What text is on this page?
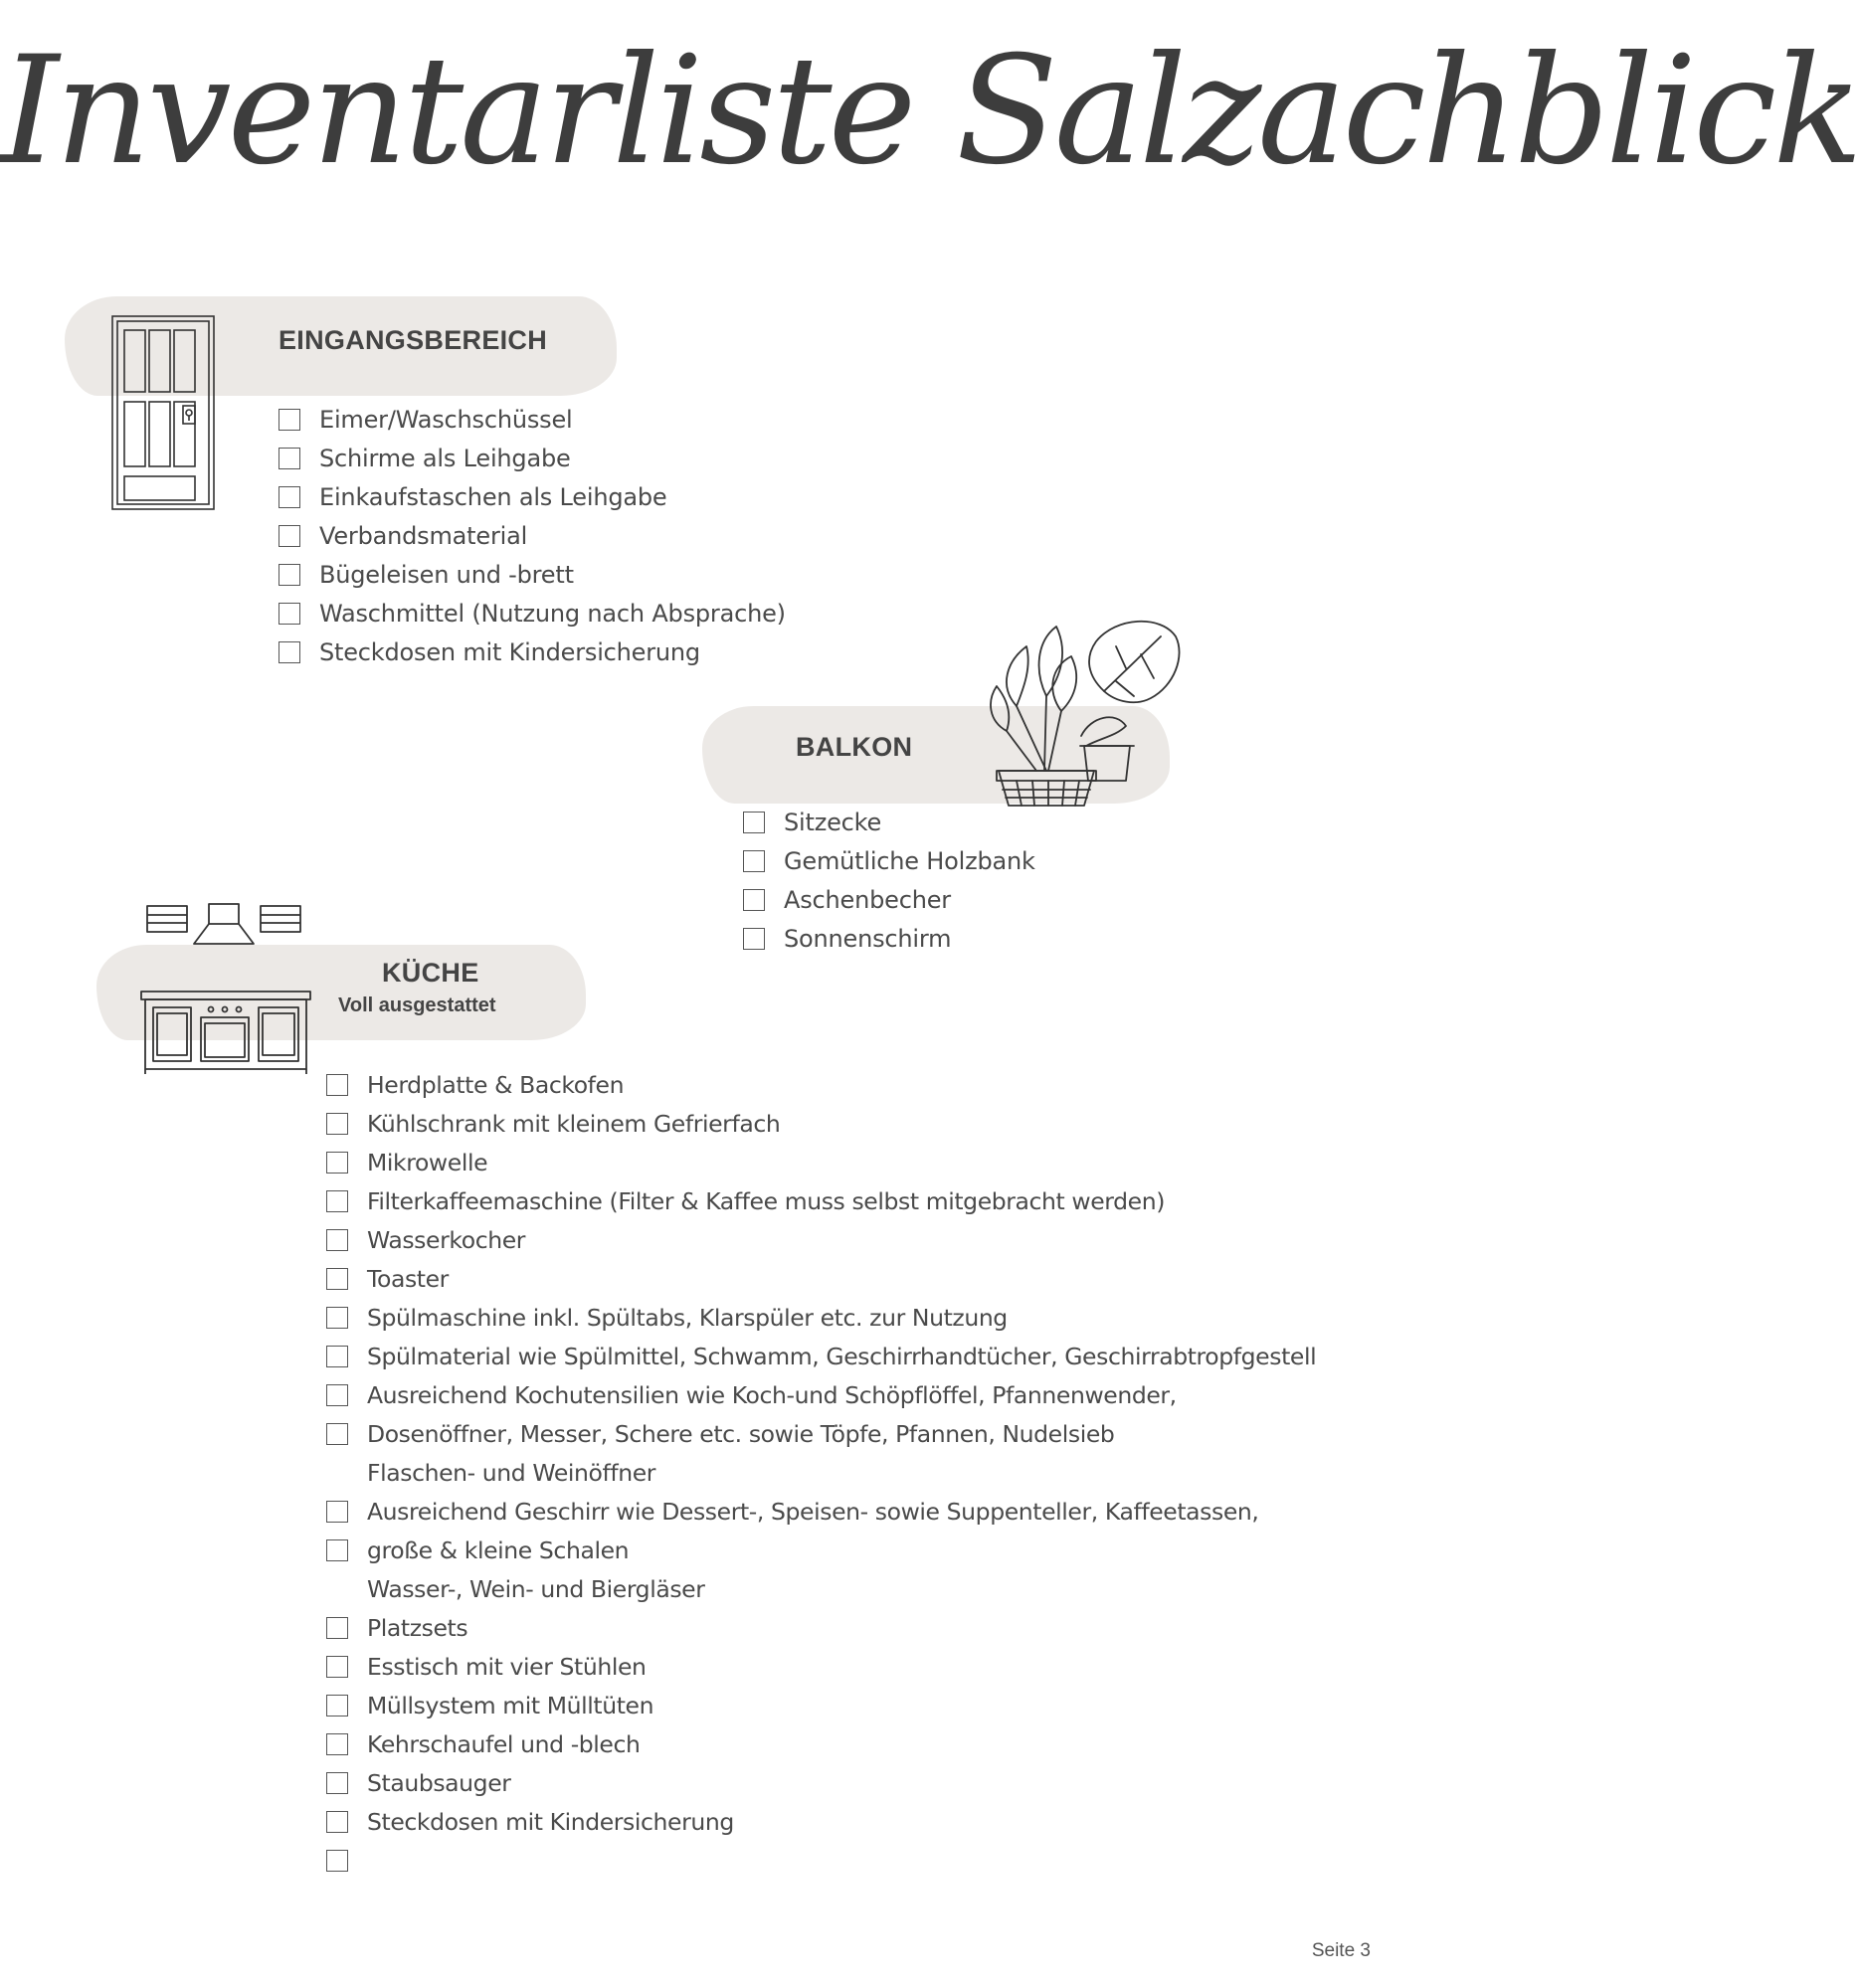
Inventarliste Salzachblick
EINGANGSBEREICH
Eimer/Waschschüssel
Schirme als Leihgabe
Einkaufstaschen als Leihgabe
Verbandsmaterial
Bügeleisen und -brett
Waschmittel (Nutzung nach Absprache)
Steckdosen mit Kindersicherung
BALKON
Sitzecke
Gemütliche Holzbank
Aschenbecher
Sonnenschirm
KÜCHE
Voll ausgestattet
Herdplatte & Backofen
Kühlschrank mit kleinem Gefrierfach
Mikrowelle
Filterkaffeemaschine (Filter & Kaffee muss selbst mitgebracht werden)
Wasserkocher
Toaster
Spülmaschine inkl. Spültabs, Klarspüler etc. zur Nutzung
Spülmaterial wie Spülmittel, Schwamm, Geschirrhandtücher, Geschirrabtropfgestell
Ausreichend Kochutensilien wie Koch-und Schöpflöffel, Pfannenwender,
Dosenöffner, Messer, Schere etc. sowie Töpfe, Pfannen, Nudelsieb
Flaschen- und Weinöffner
Ausreichend Geschirr wie Dessert-, Speisen- sowie Suppenteller, Kaffeetassen,
große & kleine Schalen
Wasser-, Wein- und Biergläser
Platzsets
Esstisch mit vier Stühlen
Müllsystem mit Mülltüten
Kehrschaufel und -blech
Staubsauger
Steckdosen mit Kindersicherung
Seite 3
